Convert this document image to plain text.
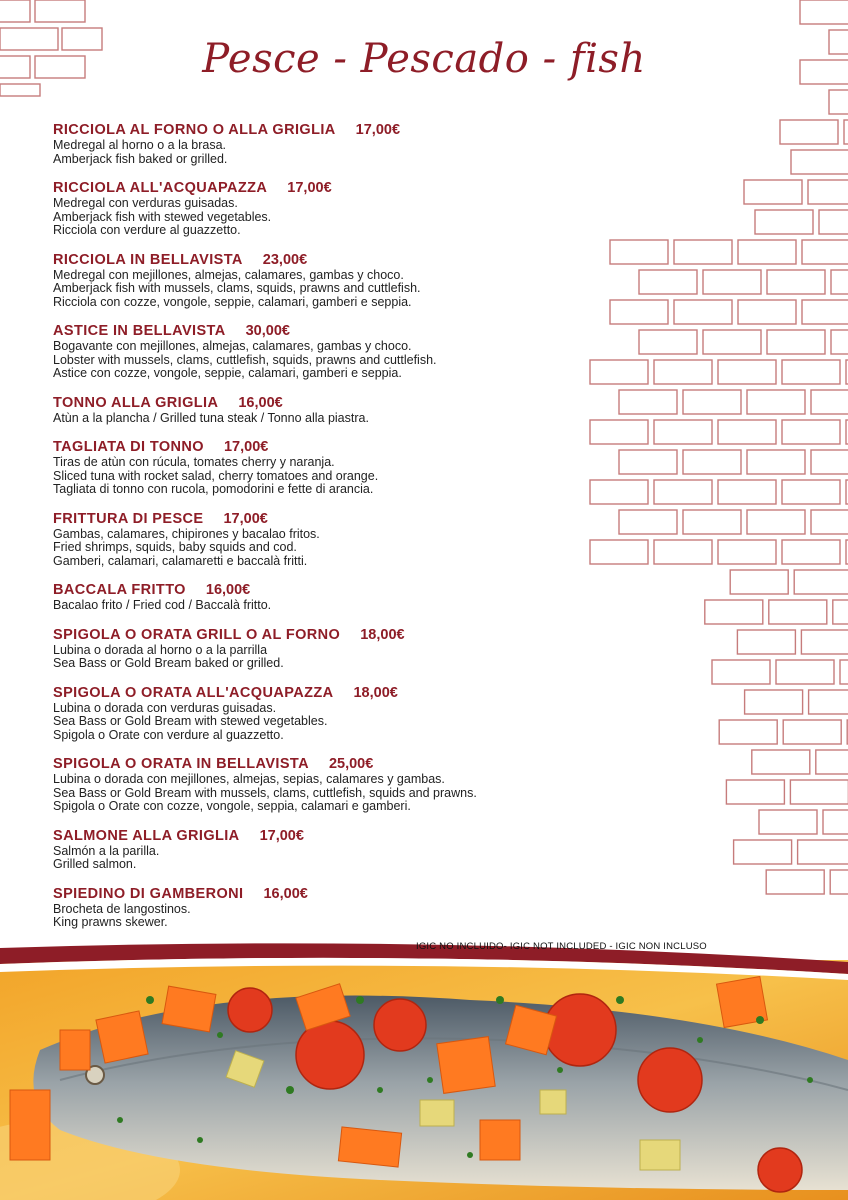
Pesce - Pescado - fish
RICCIOLA AL FORNO O ALLA GRIGLIA 17,00€
Medregal al horno o a la brasa.
Amberjack fish baked or grilled.
RICCIOLA ALL'ACQUAPAZZA 17,00€
Medregal con verduras guisadas.
Amberjack fish with stewed vegetables.
Ricciola con verdure al guazzetto.
RICCIOLA IN BELLAVISTA 23,00€
Medregal con mejillones, almejas, calamares, gambas y choco.
Amberjack fish with mussels, clams, squids, prawns and cuttlefish.
Ricciola con cozze, vongole, seppie, calamari, gamberi e seppia.
ASTICE IN BELLAVISTA 30,00€
Bogavante con mejillones, almejas, calamares, gambas y choco.
Lobster with mussels, clams, cuttlefish, squids, prawns and cuttlefish.
Astice con cozze, vongole, seppie, calamari, gamberi e seppia.
TONNO ALLA GRIGLIA 16,00€
Atùn a la plancha / Grilled tuna steak / Tonno alla piastra.
TAGLIATA DI TONNO 17,00€
Tiras de atùn con rúcula, tomates cherry y naranja.
Sliced tuna with rocket salad, cherry tomatoes and orange.
Tagliata di tonno con rucola, pomodorini e fette di arancia.
FRITTURA DI PESCE 17,00€
Gambas, calamares, chipirones y bacalao fritos.
Fried shrimps, squids, baby squids and cod.
Gamberi, calamari, calamaretti e baccalà fritti.
BACCALA FRITTO 16,00€
Bacalao frito / Fried cod / Baccalà fritto.
SPIGOLA O ORATA GRILL O AL FORNO 18,00€
Lubina o dorada al horno o a la parrilla
Sea Bass or Gold Bream baked or grilled.
SPIGOLA O ORATA ALL'ACQUAPAZZA 18,00€
Lubina o dorada con verduras guisadas.
Sea Bass or Gold Bream with stewed vegetables.
Spigola o Orate con verdure al guazzetto.
SPIGOLA O ORATA IN BELLAVISTA 25,00€
Lubina o dorada con mejillones, almejas, sepias, calamares y gambas.
Sea Bass or Gold Bream with mussels, clams, cuttlefish, squids and prawns.
Spigola o Orate con cozze, vongole, seppia, calamari e gamberi.
SALMONE ALLA GRIGLIA 17,00€
Salmón a la parilla.
Grilled salmon.
SPIEDINO DI GAMBERONI 16,00€
Brocheta de langostinos.
King prawns skewer.
IGIC NO INCLUIDO- IGIC NOT INCLUDED - IGIC NON INCLUSO
